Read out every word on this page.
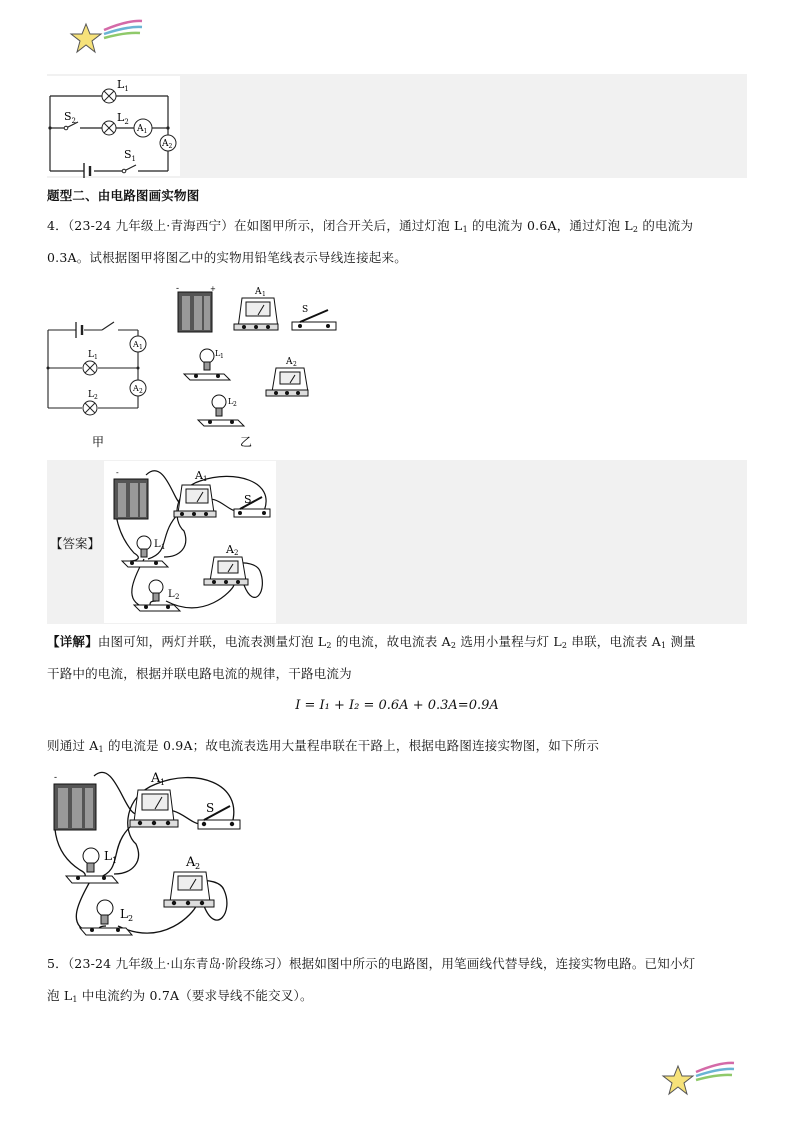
$L_1$
$L_2$
$S_2$
$S_1$
$A_1$
$A_2$
题型二、由电路图画实物图
4．（23-24 九年级上·青海西宁）在如图甲所示，闭合开关后，通过灯泡 $L_1$ 的电流为 0.6A，通过灯泡 $L_2$ 的电流为
0.3A。试根据图甲将图乙中的实物用铅笔线表示导线连接起来。
A 1
A 2
L 1
L 2
甲
-	+	A 1
S
L 1
A 2
L 2
乙
【答案】
-	A 1
S
L 1	A 2
L 2
【详解】由图可知，两灯并联，电流表测量灯泡 $L_2$ 的电流，故电流表 $A_2$ 选用小量程与灯 $L_2$ 串联，电流表 $A_1$ 测量
干路中的电流，根据并联电路电流的规律，干路电流为
I = I₁ + I₂ = 0.6A + 0.3A=0.9A
则通过 $A_1$ 的电流是 0.9A；故电流表选用大量程串联在干路上，根据电路图连接实物图，如下所示
-	A 1
S
L 1	A 2
L 2
5．（23-24 九年级上·山东青岛·阶段练习）根据如图中所示的电路图，用笔画线代替导线，连接实物电路。已知小灯
泡 $L_1$ 中电流约为 0.7A（要求导线不能交叉）。
